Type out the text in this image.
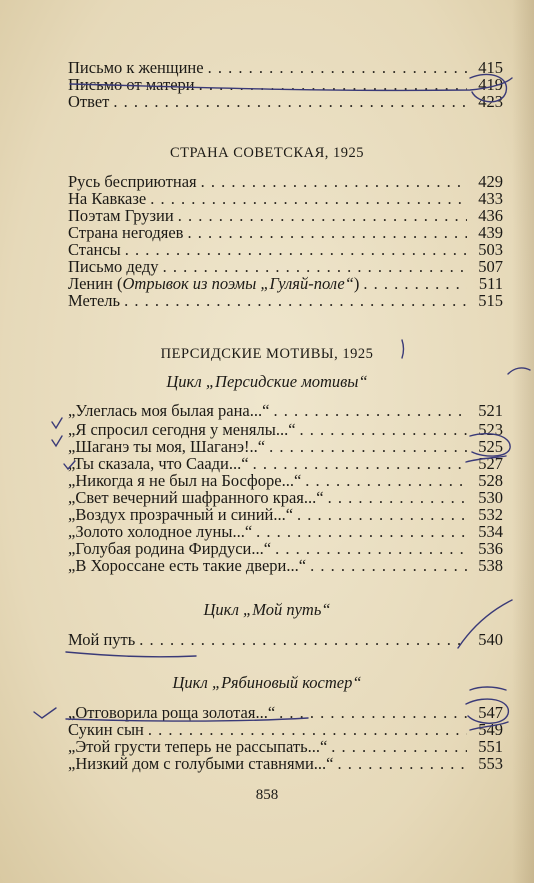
Письмо к женщине . . .	415
Письмо от матери . . .	419
Ответ . . .	423
СТРАНА СОВЕТСКАЯ, 1925
Русь бесприютная . . .	429
На Кавказе . . .	433
Поэтам Грузии . . .	436
Страна негодяев . . .	439
Стансы . . .	503
Письмо деду . . .	507
Ленин (Отрывок из поэмы „Гуляй-поле“) . . .	511
Метель . . .	515
ПЕРСИДСКИЕ МОТИВЫ, 1925
Цикл „Персидские мотивы“
„Улеглась моя былая рана...“ . . .	521
„Я спросил сегодня у менялы...“ . . .	523
„Шаганэ ты моя, Шаганэ!..“ . . .	525
„Ты сказала, что Саади...“ . . .	527
„Никогда я не был на Босфоре...“ . . .	528
„Свет вечерний шафранного края...“ . . .	530
„Воздух прозрачный и синий...“ . . .	532
„Золото холодное луны...“ . . .	534
„Голубая родина Фирдуси...“ . . .	536
„В Хороссане есть такие двери...“ . . .	538
Цикл „Мой путь“
Мой путь . . .	540
Цикл „Рябиновый костер“
„Отговорила роща золотая...“ . . .	547
Сукин сын . . .	549
„Этой грусти теперь не рассыпать...“ . . .	551
„Низкий дом с голубыми ставнями...“ . . .	553
858
